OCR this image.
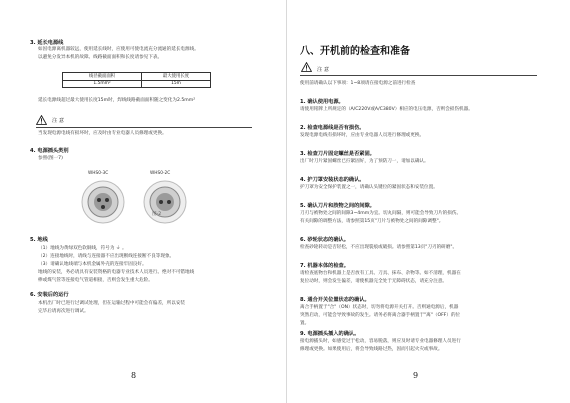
3. 延长电源线
如因电源离机器较远，使用延长线时，应使用可使电流充分流通的延长电源线。
以避免分发异本机的故障。线路截面面积和长度请参见下表。
线径截面面积	最大使用长度
1.5mm²	15m
延长电源线超过最大使用长度15m时，焊线线路截面面积随之变化为2.5mm²
注 意
当发现电源电线有损坏时，应及时由专业电器人员修理或更换。
4. 电源插头类别
参照(图一7)
WHS0-3C	WHS0-2C
图-2
5. 地线
（1）地线为黄绿双色软铜线，符号为 ⏚ 。
（2）连接地线时，请线与连接器不应出现断线连接断不良等现象。
（3）请确认地线端与本机金属外壳的连接牢固良好。
地线的安装，务必请具有安装资格的电器专业技术人员进行。绝对不可错地线
棒或煤气管等连接电气管道相接，否则会发生重大危险。
6. 安装后的运行
本机出厂时已进行过调试处理，但在运输过程中可能会有偏差，所以安装
完毕后请再次进行调试。
8
八、开机前的检查和准备
注 意
使用前请确认以下事项：1~8项请在接电源之前进行检查
1. 确认使用电源。
请使用铭牌上所规定的（A/C220V或A/C380V）相应的电压电源，否则会损伤机器。
2. 检查电源线是否有损伤。
发现电源电线有损坏时，应由专业电器人员进行修理或更换。
3. 检查刀片固定螺丝是否紧固。
出厂时刀片紧固螺丝已拧紧固好，为了预防刀一，请加以确认。
4. 护刀罩安装状态的确认。
护刀罩为安全保护装置之一，请确认头键位的紧固状态和安装位置。
5. 确认刀片和肢物之间的间隙。
刀刃与被物处之间的间隙3~4mm为宜。切丸间隔，则可能会导致刀片的损伤。
有关间隙的调整方法，请参照第15页"刀片与被物处之间的间隙调整"。
6. 砂轮状态的确认。
检查砂轮转动是否轻松，不应出现裂痕或破损。请参照第13页"刀刃的研磨"。
7. 机器本体的检查。
请检查底物台和机器上是否放有工具、刀具、抹布、杂物等。如不清理，机器在
复位动时，则会发生偏差，请使机器完全处于无障碍状态，请充分注意。
8. 通合开关位置状态的确认。
离合手柄置于"合"（ON）状态时，切勿将电源开关打开。否则通电源后，机器
突然启动，可能会导致事故的发生。请务必将离合器手柄置于"离"（OFF）的位
置。
9. 电源插头插入的确认。
接电源插头时，如感觉过于松动，容易脱落，则应及时请专业电器修理人员进行
修理或更换。如果使用后，将会导致线路过热，因而引起火灾或事故。
9
